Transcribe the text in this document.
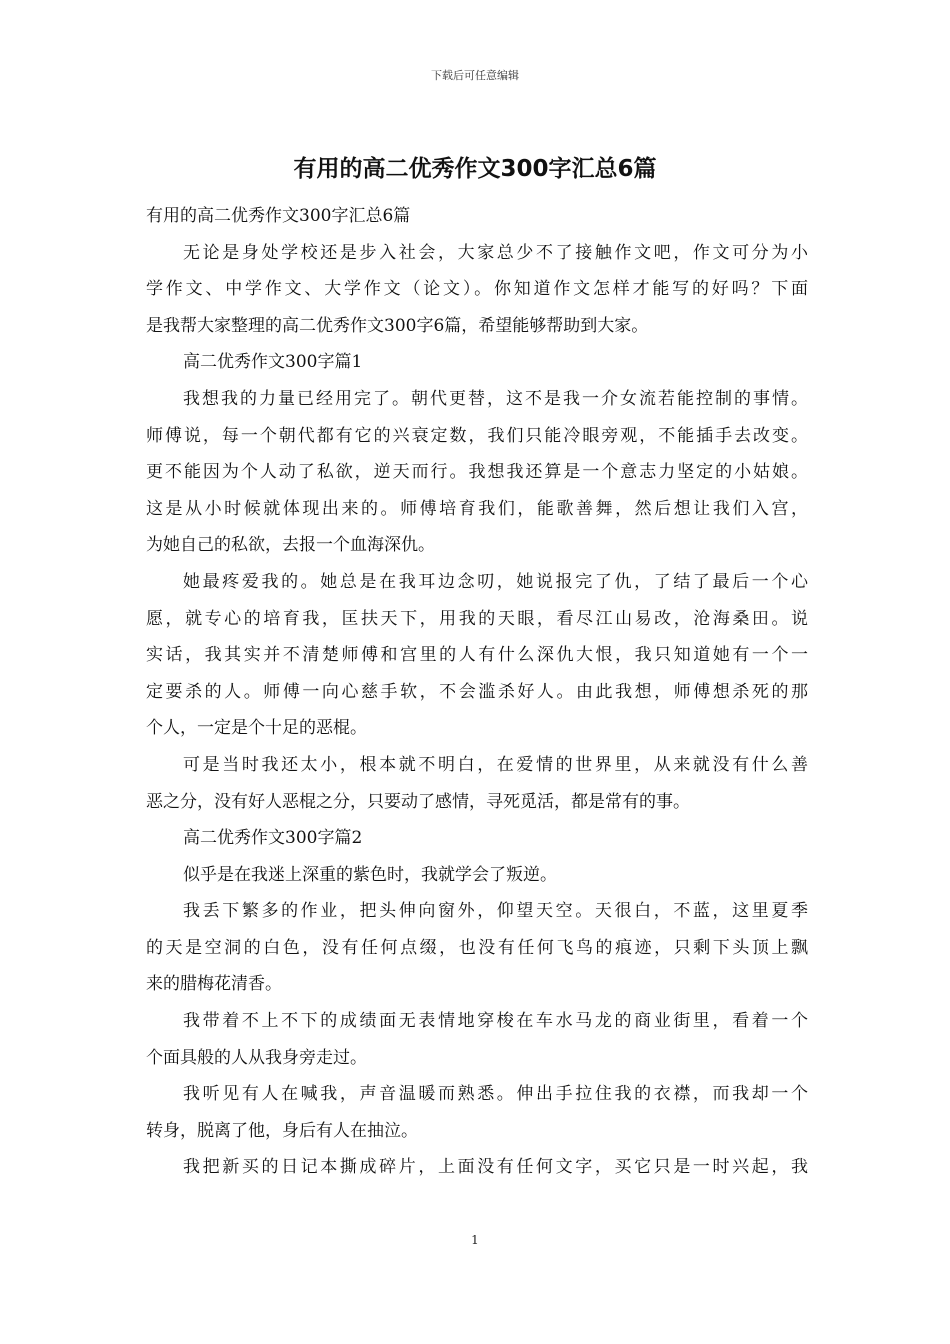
下载后可任意编辑
有用的高二优秀作文300字汇总6篇
有用的高二优秀作文300字汇总6篇
无论是身处学校还是步入社会，大家总少不了接触作文吧，作文可分为小
学作文、中学作文、大学作文（论文）。你知道作文怎样才能写的好吗？下面
是我帮大家整理的高二优秀作文300字6篇，希望能够帮助到大家。
高二优秀作文300字篇1
我想我的力量已经用完了。朝代更替，这不是我一介女流若能控制的事情。
师傅说，每一个朝代都有它的兴衰定数，我们只能冷眼旁观，不能插手去改变。
更不能因为个人动了私欲，逆天而行。我想我还算是一个意志力坚定的小姑娘。
这是从小时候就体现出来的。师傅培育我们，能歌善舞，然后想让我们入宫，
为她自己的私欲，去报一个血海深仇。
她最疼爱我的。她总是在我耳边念叨，她说报完了仇，了结了最后一个心
愿，就专心的培育我，匡扶天下，用我的天眼，看尽江山易改，沧海桑田。说
实话，我其实并不清楚师傅和宫里的人有什么深仇大恨，我只知道她有一个一
定要杀的人。师傅一向心慈手软，不会滥杀好人。由此我想，师傅想杀死的那
个人，一定是个十足的恶棍。
可是当时我还太小，根本就不明白，在爱情的世界里，从来就没有什么善
恶之分，没有好人恶棍之分，只要动了感情，寻死觅活，都是常有的事。
高二优秀作文300字篇2
似乎是在我迷上深重的紫色时，我就学会了叛逆。
我丢下繁多的作业，把头伸向窗外，仰望天空。天很白，不蓝，这里夏季
的天是空洞的白色，没有任何点缀，也没有任何飞鸟的痕迹，只剩下头顶上飘
来的腊梅花清香。
我带着不上不下的成绩面无表情地穿梭在车水马龙的商业街里，看着一个
个面具般的人从我身旁走过。
我听见有人在喊我，声音温暖而熟悉。伸出手拉住我的衣襟，而我却一个
转身，脱离了他，身后有人在抽泣。
我把新买的日记本撕成碎片，上面没有任何文字，买它只是一时兴起，我
1
